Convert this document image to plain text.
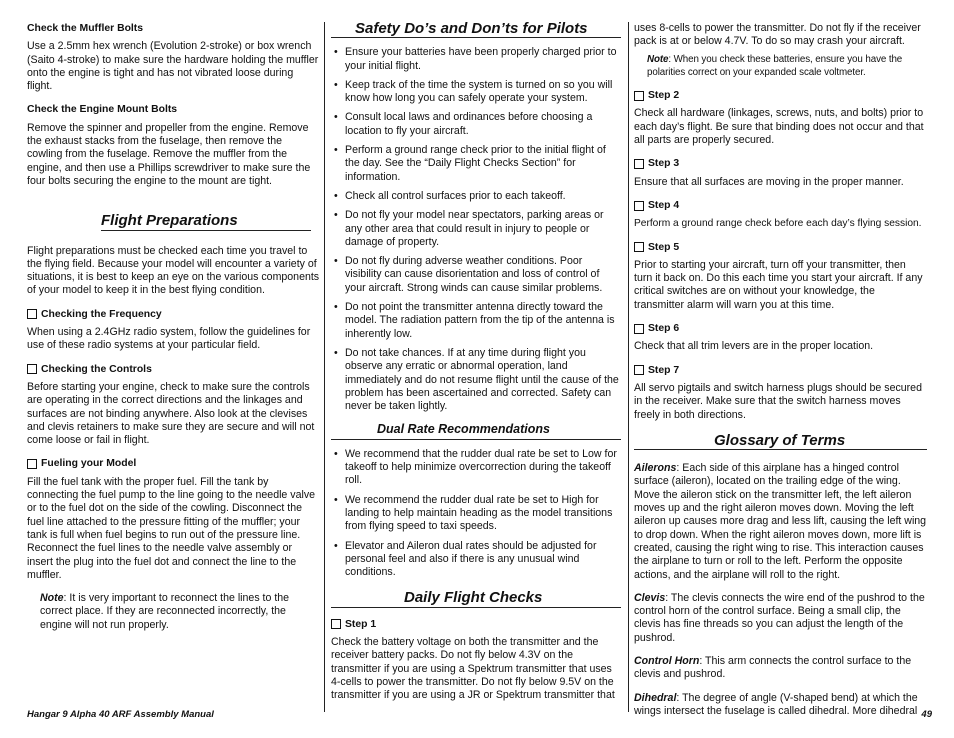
Check the Muffler Bolts

Use a 2.5mm hex wrench (Evolution 2-stroke) or box wrench (Saito 4-stroke) to make sure the hardware holding the muffler onto the engine is tight and has not vibrated loose during flight.

Check the Engine Mount Bolts

Remove the spinner and propeller from the engine. Remove the exhaust stacks from the fuselage, then remove the cowling from the fuselage. Remove the muffler from the engine, and then use a Phillips screwdriver to make sure the four bolts securing the engine to the mount are tight.

Flight Preparations

Flight preparations must be checked each time you travel to the flying field. Because your model will encounter a variety of situations, it is best to keep an eye on the various components of your model to keep it in the best flying condition.

Checking the Frequency

When using a 2.4GHz radio system, follow the guidelines for use of these radio systems at your particular field.

Checking the Controls

Before starting your engine, check to make sure the controls are operating in the correct directions and the linkages and surfaces are not binding anywhere. Also look at the clevises and clevis retainers to make sure they are secure and will not come loose or fail in flight.

Fueling your Model

Fill the fuel tank with the proper fuel. Fill the tank by connecting the fuel pump to the line going to the needle valve or to the fuel dot on the side of the cowling. Disconnect the fuel line attached to the pressure fitting of the muffler; your tank is full when fuel begins to run out of the pressure line. Reconnect the fuel lines to the needle valve assembly or insert the plug into the fuel dot and connect the line to the muffler.

Note: It is very important to reconnect the lines to the correct place. If they are reconnected incorrectly, the engine will not run properly.

Safety Do’s and Don’ts for Pilots
• Ensure your batteries have been properly charged prior to your initial flight.
• Keep track of the time the system is turned on so you will know how long you can safely operate your system.
• Consult local laws and ordinances before choosing a location to fly your aircraft.
• Perform a ground range check prior to the initial flight of the day. See the “Daily Flight Checks Section” for information.
• Check all control surfaces prior to each takeoff.
• Do not fly your model near spectators, parking areas or any other area that could result in injury to people or damage of property.
• Do not fly during adverse weather conditions. Poor visibility can cause disorientation and loss of control of your aircraft. Strong winds can cause similar problems.
• Do not point the transmitter antenna directly toward the model. The radiation pattern from the tip of the antenna is inherently low.
• Do not take chances. If at any time during flight you observe any erratic or abnormal operation, land immediately and do not resume flight until the cause of the problem has been ascertained and corrected. Safety can never be taken lightly.
Dual Rate Recommendations
• We recommend that the rudder dual rate be set to Low for takeoff to help minimize overcorrection during the takeoff roll.
• We recommend the rudder dual rate be set to High for landing to help maintain heading as the model transitions from flying speed to taxi speeds.
• Elevator and Aileron dual rates should be adjusted for personal feel and also if there is any unusual wind conditions.
Daily Flight Checks
Step 1

Check the battery voltage on both the transmitter and the receiver battery packs. Do not fly below 4.3V on the transmitter if you are using a Spektrum transmitter that uses 4-cells to power the transmitter. Do not fly below 9.5V on the transmitter if you are using a JR or Spektrum transmitter that

uses 8-cells to power the transmitter. Do not fly if the receiver pack is at or below 4.7V. To do so may crash your aircraft.

Note: When you check these batteries, ensure you have the polarities correct on your expanded scale voltmeter.

Step 2

Check all hardware (linkages, screws, nuts, and bolts) prior to each day’s flight. Be sure that binding does not occur and that all parts are properly secured.

Step 3

Ensure that all surfaces are moving in the proper manner.

Step 4

Perform a ground range check before each day’s flying session.

Step 5

Prior to starting your aircraft, turn off your transmitter, then turn it back on. Do this each time you start your aircraft. If any critical switches are on without your knowledge, the transmitter alarm will warn you at this time.

Step 6

Check that all trim levers are in the proper location.

Step 7

All servo pigtails and switch harness plugs should be secured in the receiver. Make sure that the switch harness moves freely in both directions.

Glossary of Terms

Ailerons: Each side of this airplane has a hinged control surface (aileron), located on the trailing edge of the wing. Move the aileron stick on the transmitter left, the left aileron moves up and the right aileron moves down. Moving the left aileron up causes more drag and less lift, causing the left wing to drop down. When the right aileron moves down, more lift is created, causing the right wing to rise. This interaction causes the airplane to turn or roll to the left. Perform the opposite actions, and the airplane will roll to the right.

Clevis: The clevis connects the wire end of the pushrod to the control horn of the control surface. Being a small clip, the clevis has fine threads so you can adjust the length of the pushrod.

Control Horn: This arm connects the control surface to the clevis and pushrod.

Dihedral: The degree of angle (V-shaped bend) at which the wings intersect the fuselage is called dihedral. More dihedral

Hangar 9 Alpha 40 ARF Assembly Manual	49
